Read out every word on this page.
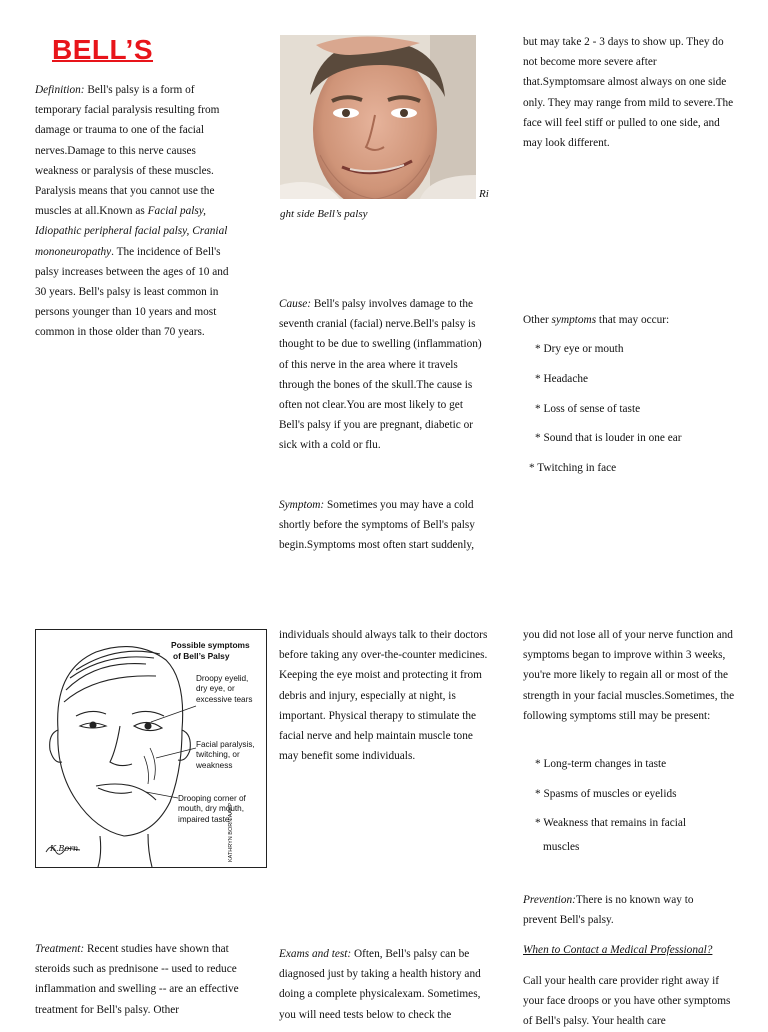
BELL’S
Definition: Bell's palsy is a form of temporary facial paralysis resulting from damage or trauma to one of the facial nerves.Damage to this nerve causes weakness or paralysis of these muscles. Paralysis means that you cannot use the muscles at all.Known as Facial palsy, Idiopathic peripheral facial palsy, Cranial mononeuropathy. The incidence of Bell's palsy increases between the ages of 10 and 30 years. Bell's palsy is least common in persons younger than 10 years and most common in those older than 70 years.
Ri
ght side Bell’s palsy
Cause: Bell's palsy involves damage to the seventh cranial (facial) nerve.Bell's palsy is thought to be due to swelling (inflammation) of this nerve in the area where it travels through the bones of the skull.The cause is often not clear.You are most likely to get Bell's palsy if you are pregnant, diabetic or sick with a cold or flu.
Symptom: Sometimes you may have a cold shortly before the symptoms of Bell's palsy begin.Symptoms most often start suddenly,
but may take 2 - 3 days to show up. They do not become more severe after that.Symptomsare almost always on one side only. They may range from mild to severe.The face will feel stiff or pulled to one side, and may look different.
Other symptoms that may occur:
* Dry eye or mouth
* Headache
* Loss of sense of taste
* Sound that is louder in one ear
* Twitching in face
Possible symptoms
of Bell’s Palsy
Droopy eyelid,
dry eye, or
excessive tears
Facial paralysis,
twitching, or
weakness
Drooping corner of
mouth, dry mouth,
impaired taste
K.Born	KATHRYN BORN/AAFP
individuals should always talk to their doctors before taking any over-the-counter medicines. Keeping the eye moist and protecting it from debris and injury, especially at night, is important. Physical therapy to stimulate the facial nerve and help maintain muscle tone may benefit some individuals.
you did not lose all of your nerve function and symptoms began to improve within 3 weeks, you're more likely to regain all or most of the strength in your facial muscles.Sometimes, the following symptoms still may be present:
* Long-term changes in taste
* Spasms of muscles or eyelids
* Weakness that remains in facial
muscles
Prevention:There is no known way to prevent Bell's palsy.
When to Contact a Medical Professional?
Call your health care provider right away if your face droops or you have other symptoms of Bell's palsy. Your health care
Treatment: Recent studies have shown that steroids such as prednisone -- used to reduce inflammation and swelling -- are an effective treatment for Bell's palsy. Other
Exams and test: Often, Bell's palsy can be diagnosed just by taking a health history and doing a complete physicalexam. Sometimes, you will need tests below to check the
